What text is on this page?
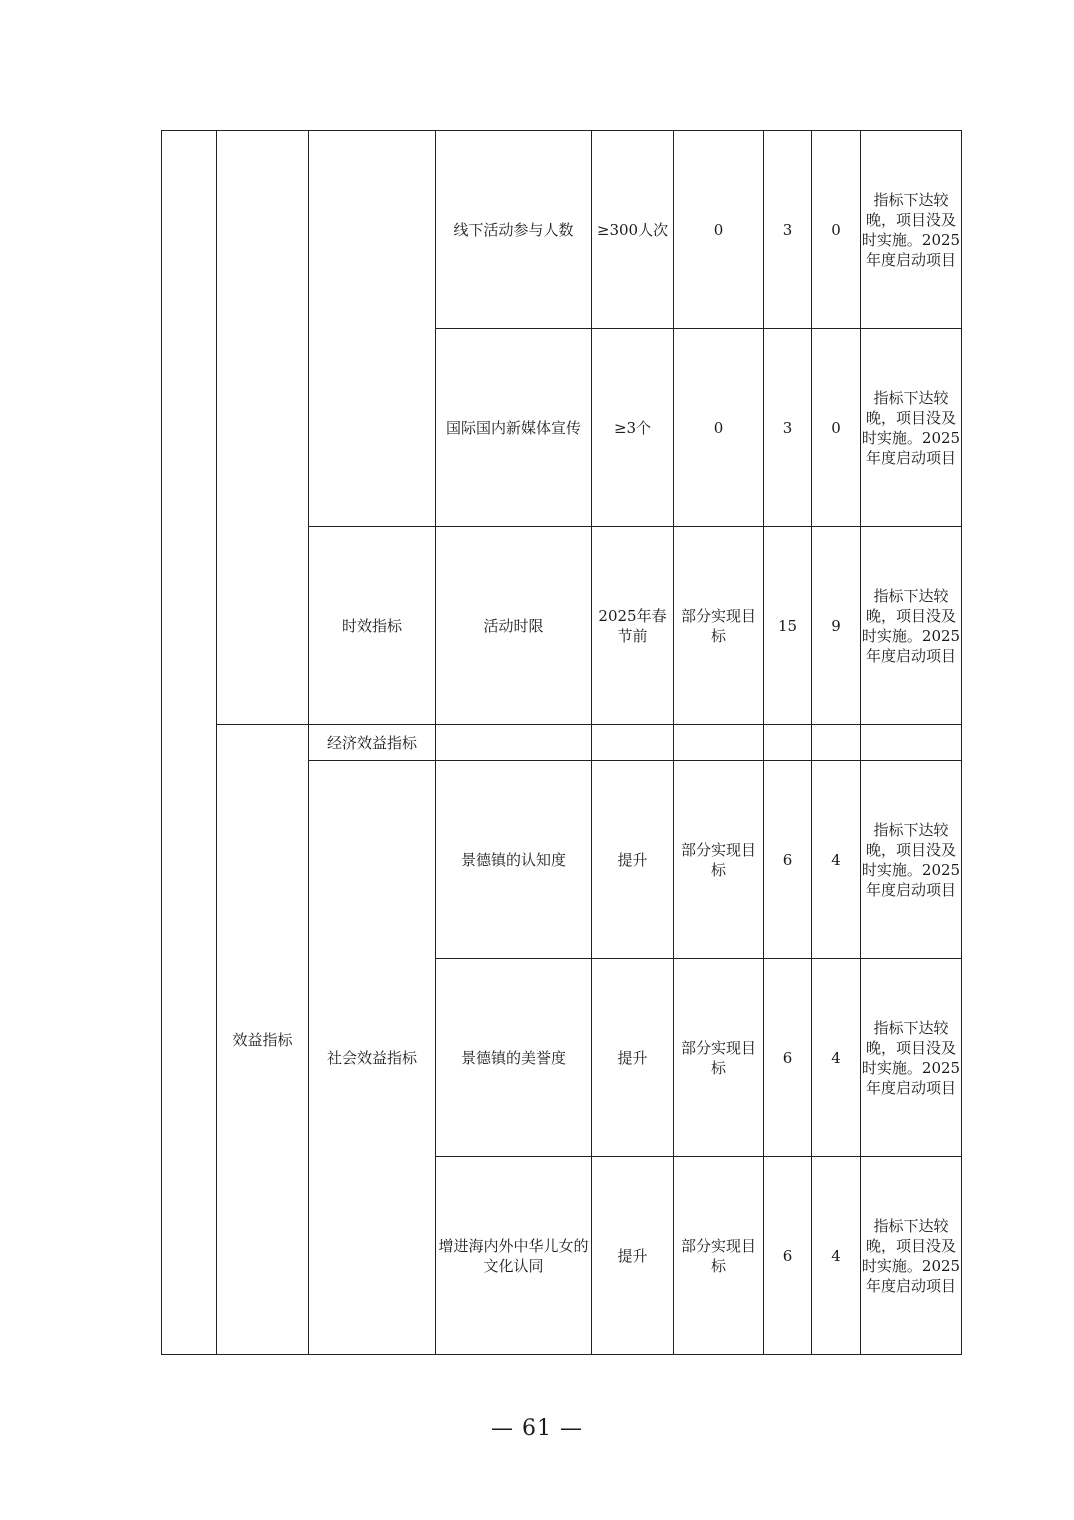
			线下活动参与人数	≥300人次	0	3	0	指标下达较晚，项目没及时实施。2025年度启动项目
			国际国内新媒体宣传	≥3个	0	3	0	指标下达较晚，项目没及时实施。2025年度启动项目
		时效指标	活动时限	2025年春节前	部分实现目标	15	9	指标下达较晚，项目没及时实施。2025年度启动项目
	效益指标	经济效益指标						
		社会效益指标	景德镇的认知度	提升	部分实现目标	6	4	指标下达较晚，项目没及时实施。2025年度启动项目
			景德镇的美誉度	提升	部分实现目标	6	4	指标下达较晚，项目没及时实施。2025年度启动项目
			增进海内外中华儿女的文化认同	提升	部分实现目标	6	4	指标下达较晚，项目没及时实施。2025年度启动项目
— 61 —
